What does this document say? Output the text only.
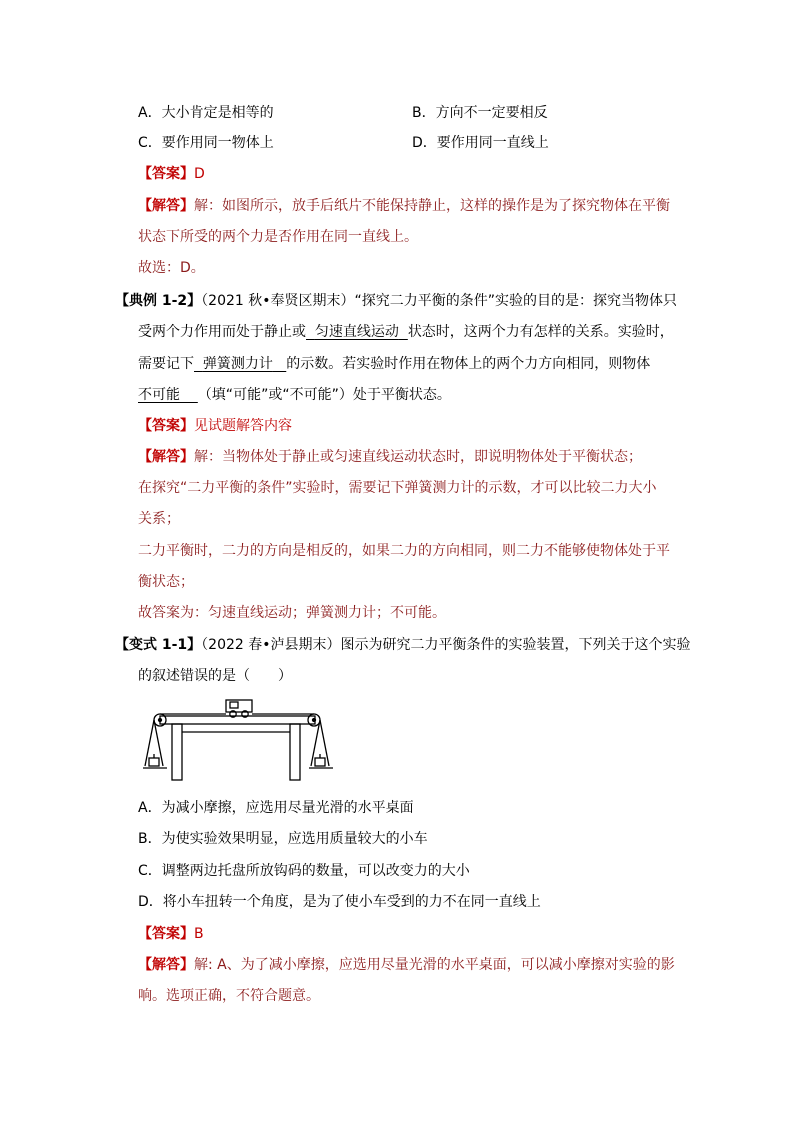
A．大小肯定是相等的	B．方向不一定要相反
C．要作用同一物体上	D．要作用同一直线上
【答案】D
【解答】解：如图所示，放手后纸片不能保持静止，这样的操作是为了探究物体在平衡
状态下所受的两个力是否作用在同一直线上。
故选：D。
【典例 1-2】（2021 秋•奉贤区期末）“探究二力平衡的条件”实验的目的是：探究当物体只
受两个力作用而处于静止或 匀速直线运动 状态时，这两个力有怎样的关系。实验时，
需要记下 弹簧测力计 的示数。若实验时作用在物体上的两个力方向相同，则物体
不可能 （填“可能”或“不可能”）处于平衡状态。
【答案】见试题解答内容
【解答】解：当物体处于静止或匀速直线运动状态时，即说明物体处于平衡状态；
在探究“二力平衡的条件”实验时，需要记下弹簧测力计的示数，才可以比较二力大小
关系；
二力平衡时，二力的方向是相反的，如果二力的方向相同，则二力不能够使物体处于平
衡状态；
故答案为：匀速直线运动；弹簧测力计；不可能。
【变式 1-1】（2022 春•泸县期末）图示为研究二力平衡条件的实验装置，下列关于这个实验
的叙述错误的是（　　）
A．为减小摩擦，应选用尽量光滑的水平桌面
B．为使实验效果明显，应选用质量较大的小车
C．调整两边托盘所放钩码的数量，可以改变力的大小
D．将小车扭转一个角度，是为了使小车受到的力不在同一直线上
【答案】B
【解答】解: A、为了减小摩擦，应选用尽量光滑的水平桌面，可以减小摩擦对实验的影
响。选项正确，不符合题意。
